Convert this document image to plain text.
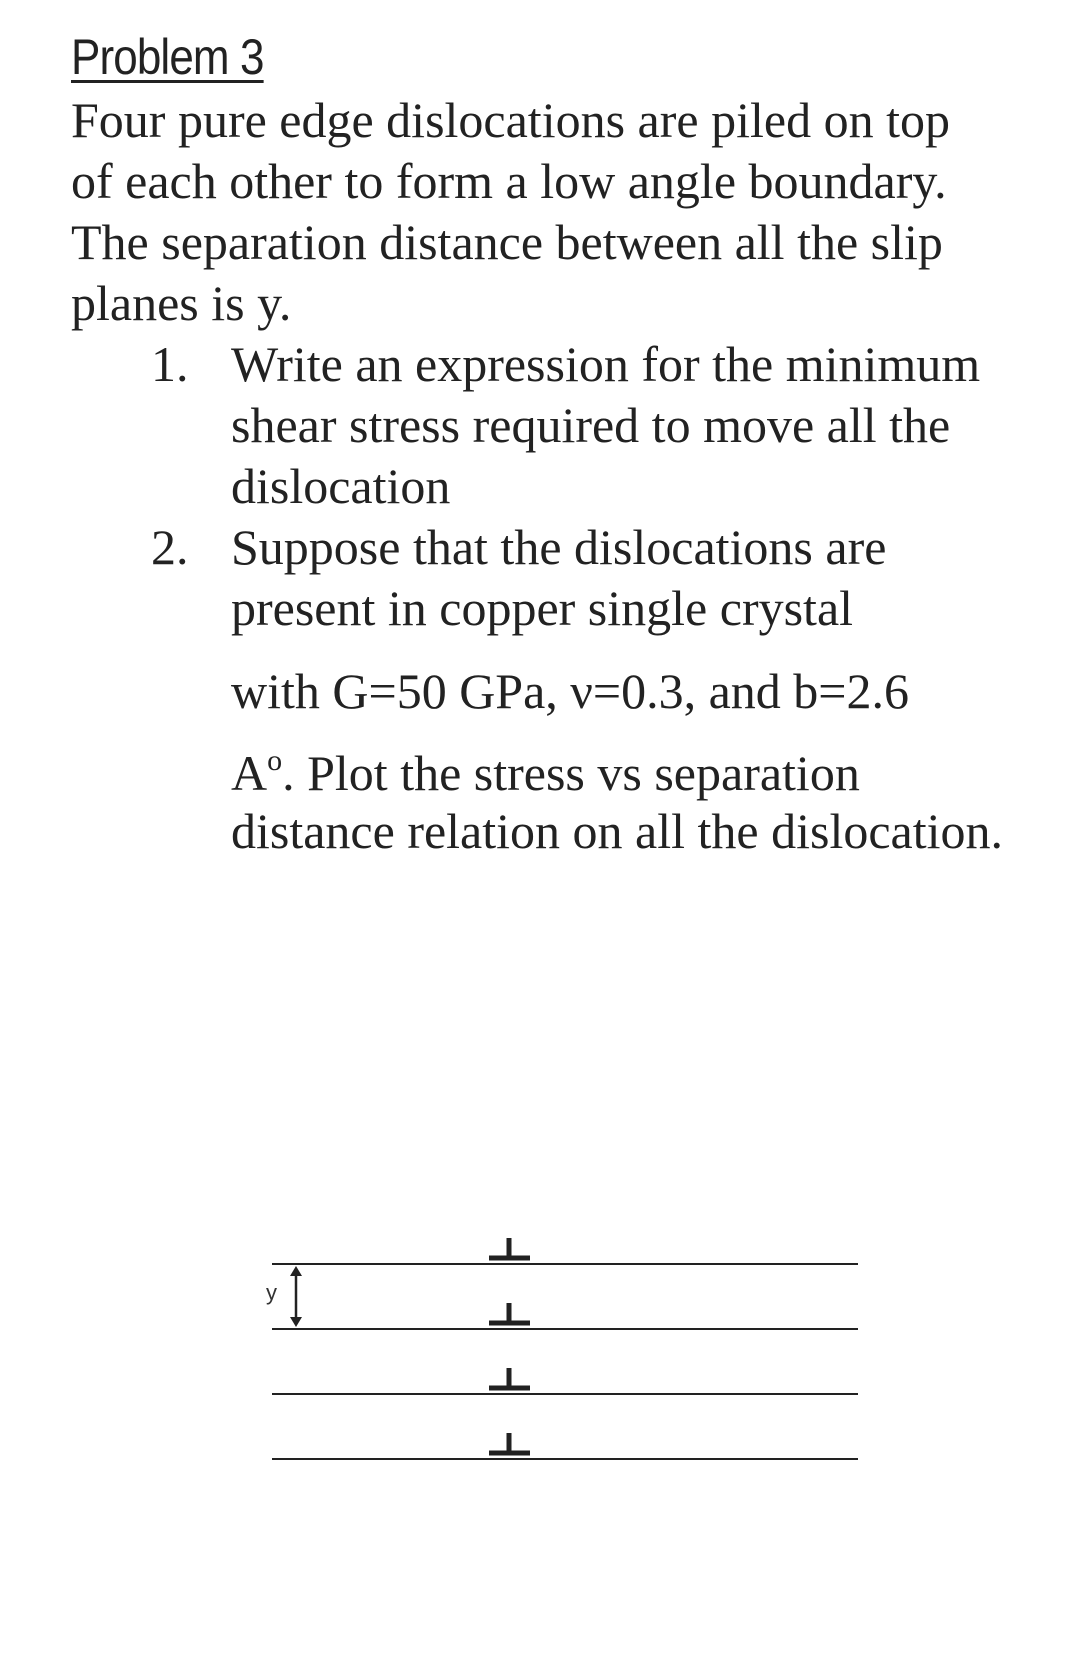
Problem 3

Four pure edge dislocations are piled on top of each other to form a low angle boundary. The separation distance between all the slip planes is y.

1. Write an expression for the minimum shear stress required to move all the dislocation
2. Suppose that the dislocations are present in copper single crystal
with G=50 GPa, ν=0.3, and b=2.6
$A^o$. Plot the stress vs separation distance relation on all the dislocation.
y
